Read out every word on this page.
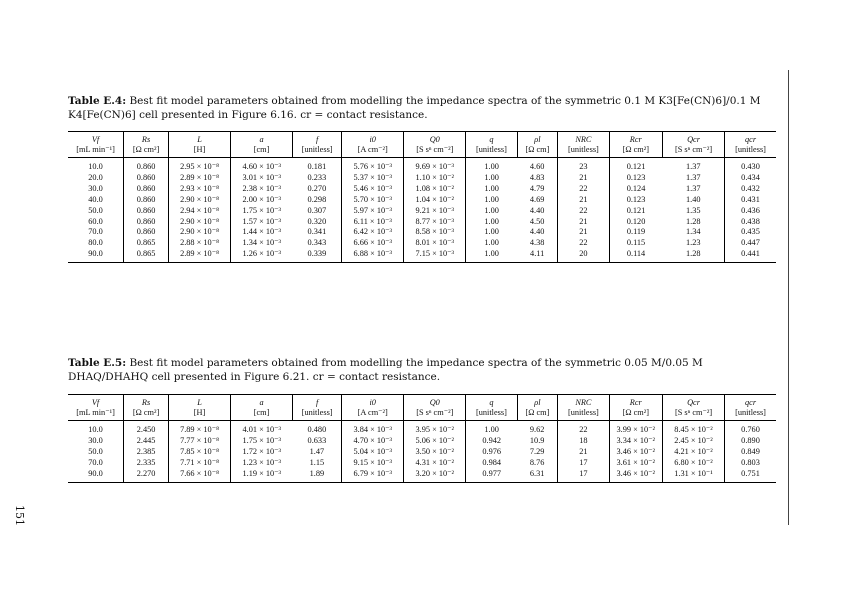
151
Table E.4: Best fit model parameters obtained from modelling the impedance spectra of the symmetric 0.1 M K3[Fe(CN)6]/0.1 M K4[Fe(CN)6] cell presented in Figure 6.16. cr = contact resistance.
Vf	Rs	L	a	f	i0	Q0	q	ρl	NRC	Rcr	Qcr	qcr
[mL min⁻¹]	[Ω cm²]	[H]	[cm]	[unitless]	[A cm⁻²]	[S sⁿ cm⁻²]	[unitless]	[Ω cm]	[unitless]	[Ω cm²]	[S sⁿ cm⁻²]	[unitless]
10.0	0.860	2.95 × 10⁻⁸	4.60 × 10⁻³	0.181	5.76 × 10⁻³	9.69 × 10⁻³	1.00	4.60	23	0.121	1.37	0.430
20.0	0.860	2.89 × 10⁻⁸	3.01 × 10⁻³	0.233	5.37 × 10⁻³	1.10 × 10⁻²	1.00	4.83	21	0.123	1.37	0.434
30.0	0.860	2.93 × 10⁻⁸	2.38 × 10⁻³	0.270	5.46 × 10⁻³	1.08 × 10⁻²	1.00	4.79	22	0.124	1.37	0.432
40.0	0.860	2.90 × 10⁻⁸	2.00 × 10⁻³	0.298	5.70 × 10⁻³	1.04 × 10⁻²	1.00	4.69	21	0.123	1.40	0.431
50.0	0.860	2.94 × 10⁻⁸	1.75 × 10⁻³	0.307	5.97 × 10⁻³	9.21 × 10⁻³	1.00	4.40	22	0.121	1.35	0.436
60.0	0.860	2.90 × 10⁻⁸	1.57 × 10⁻³	0.320	6.11 × 10⁻³	8.77 × 10⁻³	1.00	4.50	21	0.120	1.28	0.438
70.0	0.860	2.90 × 10⁻⁸	1.44 × 10⁻³	0.341	6.42 × 10⁻³	8.58 × 10⁻³	1.00	4.40	21	0.119	1.34	0.435
80.0	0.865	2.88 × 10⁻⁸	1.34 × 10⁻³	0.343	6.66 × 10⁻³	8.01 × 10⁻³	1.00	4.38	22	0.115	1.23	0.447
90.0	0.865	2.89 × 10⁻⁸	1.26 × 10⁻³	0.339	6.88 × 10⁻³	7.15 × 10⁻³	1.00	4.11	20	0.114	1.28	0.441
Table E.5: Best fit model parameters obtained from modelling the impedance spectra of the symmetric 0.05 M/0.05 M DHAQ/DHAHQ cell presented in Figure 6.21. cr = contact resistance.
Vf	Rs	L	a	f	i0	Q0	q	ρl	NRC	Rcr	Qcr	qcr
[mL min⁻¹]	[Ω cm²]	[H]	[cm]	[unitless]	[A cm⁻²]	[S sⁿ cm⁻²]	[unitless]	[Ω cm]	[unitless]	[Ω cm²]	[S sⁿ cm⁻²]	[unitless]
10.0	2.450	7.89 × 10⁻⁸	4.01 × 10⁻³	0.480	3.84 × 10⁻³	3.95 × 10⁻²	1.00	9.62	22	3.99 × 10⁻²	8.45 × 10⁻²	0.760
30.0	2.445	7.77 × 10⁻⁸	1.75 × 10⁻³	0.633	4.70 × 10⁻³	5.06 × 10⁻²	0.942	10.9	18	3.34 × 10⁻²	2.45 × 10⁻²	0.890
50.0	2.385	7.85 × 10⁻⁸	1.72 × 10⁻³	1.47	5.04 × 10⁻³	3.50 × 10⁻²	0.976	7.29	21	3.46 × 10⁻²	4.21 × 10⁻²	0.849
70.0	2.335	7.71 × 10⁻⁸	1.23 × 10⁻³	1.15	9.15 × 10⁻³	4.31 × 10⁻²	0.984	8.76	17	3.61 × 10⁻²	6.80 × 10⁻²	0.803
90.0	2.270	7.66 × 10⁻⁸	1.19 × 10⁻³	1.89	6.79 × 10⁻³	3.20 × 10⁻²	0.977	6.31	17	3.46 × 10⁻²	1.31 × 10⁻¹	0.751
